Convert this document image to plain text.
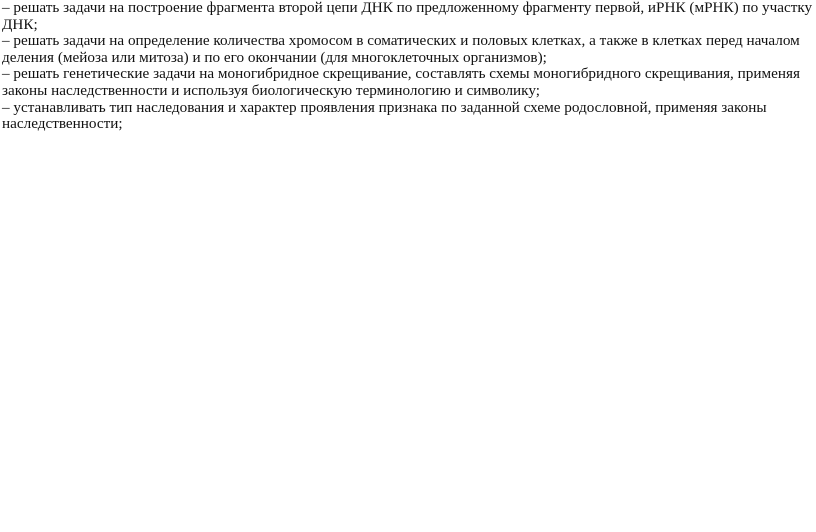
– решать задачи на построение фрагмента второй цепи ДНК по предложенному фрагменту первой, иРНК (мРНК) по участку ДНК;

– решать задачи на определение количества хромосом в соматических и половых клетках, а также в клетках перед началом деления (мейоза или митоза) и по его окончании (для многоклеточных организмов);

– решать генетические задачи на моногибридное скрещивание, составлять схемы моногибридного скрещивания, применяя законы наследственности и используя биологическую терминологию и символику;

– устанавливать тип наследования и характер проявления признака по заданной схеме родословной, применяя законы наследственности;
